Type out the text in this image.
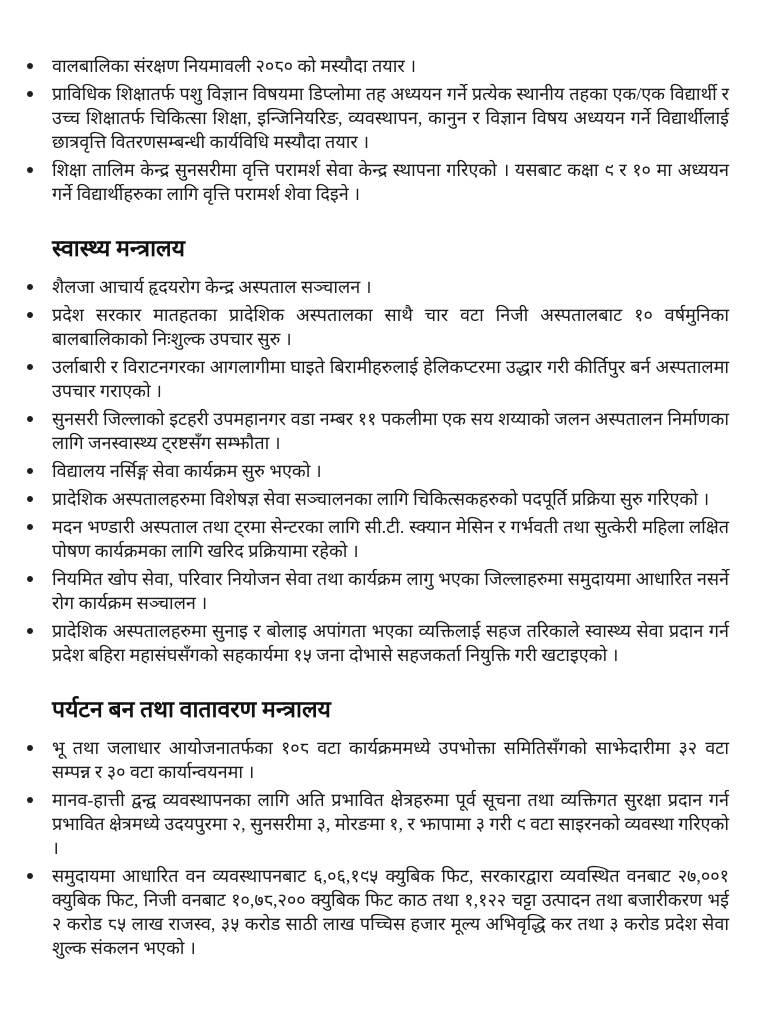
वालबालिका संरक्षण नियमावली २०८० को मस्यौदा तयार ।
प्राविधिक शिक्षातर्फ पशु विज्ञान विषयमा डिप्लोमा तह अध्ययन गर्ने प्रत्येक स्थानीय तहका एक/एक विद्यार्थी र उच्च शिक्षातर्फ चिकित्सा शिक्षा, इन्जिनियरिङ, व्यवस्थापन, कानुन र विज्ञान विषय अध्ययन गर्ने विद्यार्थीलाई छात्रवृत्ति वितरणसम्बन्धी कार्यविधि मस्यौदा तयार ।
शिक्षा तालिम केन्द्र सुनसरीमा वृत्ति परामर्श सेवा केन्द्र स्थापना गरिएको । यसबाट कक्षा ९ र १० मा अध्ययन गर्ने विद्यार्थीहरुका लागि वृत्ति परामर्श शेवा दिइने ।
स्वास्थ्य मन्त्रालय
शैलजा आचार्य हृदयरोग केन्द्र अस्पताल सञ्चालन ।
प्रदेश सरकार मातहतका प्रादेशिक अस्पतालका साथै चार वटा निजी अस्पतालबाट १० वर्षमुनिका बालबालिकाको निःशुल्क उपचार सुरु ।
उर्लाबारी र विराटनगरका आगलागीमा घाइते बिरामीहरुलाई हेलिकप्टरमा उद्धार गरी कीर्तिपुर बर्न अस्पतालमा उपचार गराएको ।
सुनसरी जिल्लाको इटहरी उपमहानगर वडा नम्बर ११ पकलीमा एक सय शय्याको जलन अस्पतालन निर्माणका लागि जनस्वास्थ्य ट्रष्टसँग सम्झौता ।
विद्यालय नर्सिङ्ग सेवा कार्यक्रम सुरु भएको ।
प्रादेशिक अस्पतालहरुमा विशेषज्ञ सेवा सञ्चालनका लागि चिकित्सकहरुको पदपूर्ति प्रक्रिया सुरु गरिएको ।
मदन भण्डारी अस्पताल तथा ट्रमा सेन्टरका लागि सी.टी. स्क्यान मेसिन र गर्भवती तथा सुत्केरी महिला लक्षित पोषण कार्यक्रमका लागि खरिद प्रक्रियामा रहेको ।
नियमित खोप सेवा, परिवार नियोजन सेवा तथा कार्यक्रम लागु भएका जिल्लाहरुमा समुदायमा आधारित नसर्ने रोग कार्यक्रम सञ्चालन ।
प्रादेशिक अस्पतालहरुमा सुनाइ र बोलाइ अपांगता भएका व्यक्तिलाई सहज तरिकाले स्वास्थ्य सेवा प्रदान गर्न प्रदेश बहिरा महासंघसँगको सहकार्यमा १५ जना दोभासे सहजकर्ता नियुक्ति गरी खटाइएको ।
पर्यटन बन तथा वातावरण मन्त्रालय
भू तथा जलाधार आयोजनातर्फका १०८ वटा कार्यक्रममध्ये उपभोक्ता समितिसँगको साझेदारीमा ३२ वटा सम्पन्न र ३० वटा कार्यान्वयनमा ।
मानव-हात्ती द्वन्द्व व्यवस्थापनका लागि अति प्रभावित क्षेत्रहरुमा पूर्व सूचना तथा व्यक्तिगत सुरक्षा प्रदान गर्न प्रभावित क्षेत्रमध्ये उदयपुरमा २, सुनसरीमा ३, मोरङमा १, र झापामा ३ गरी ९ वटा साइरनको व्यवस्था गरिएको ।
समुदायमा आधारित वन व्यवस्थापनबाट ६,०६,१९५ क्युबिक फिट, सरकारद्वारा व्यवस्थित वनबाट २७,००१ क्युबिक फिट, निजी वनबाट १०,७८,२०० क्युबिक फिट काठ तथा १,१२२ चट्टा उत्पादन तथा बजारीकरण भई २ करोड ८५ लाख राजस्व, ३५ करोड साठी लाख पच्चिस हजार मूल्य अभिवृद्धि कर तथा ३ करोड प्रदेश सेवा शुल्क संकलन भएको ।
